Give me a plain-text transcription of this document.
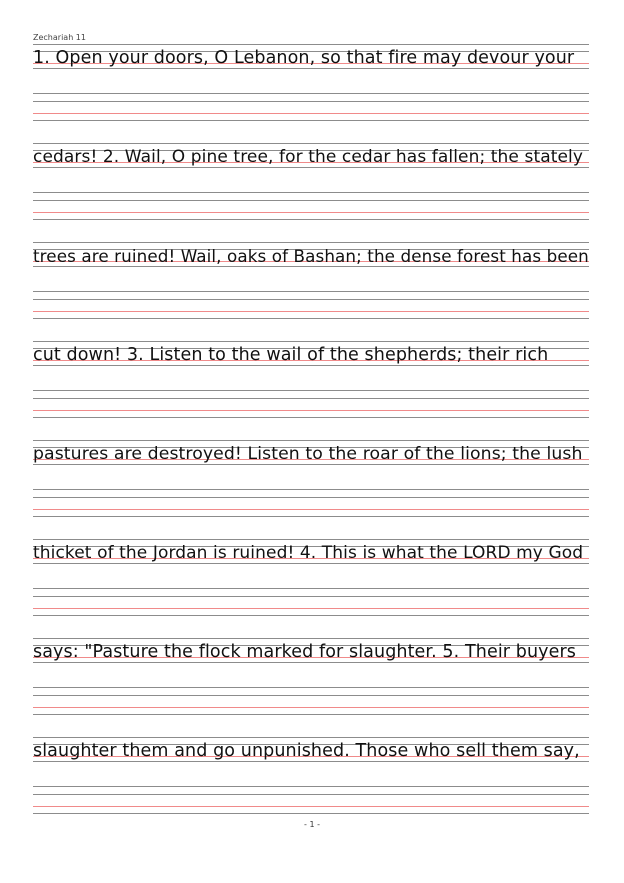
Zechariah 11
1. Open your doors, O Lebanon, so that fire may devour your
cedars! 2. Wail, O pine tree, for the cedar has fallen; the stately
trees are ruined! Wail, oaks of Bashan; the dense forest has been
cut down! 3. Listen to the wail of the shepherds; their rich
pastures are destroyed! Listen to the roar of the lions; the lush
thicket of the Jordan is ruined! 4. This is what the LORD my God
says: "Pasture the flock marked for slaughter. 5. Their buyers
slaughter them and go unpunished. Those who sell them say,
- 1 -
